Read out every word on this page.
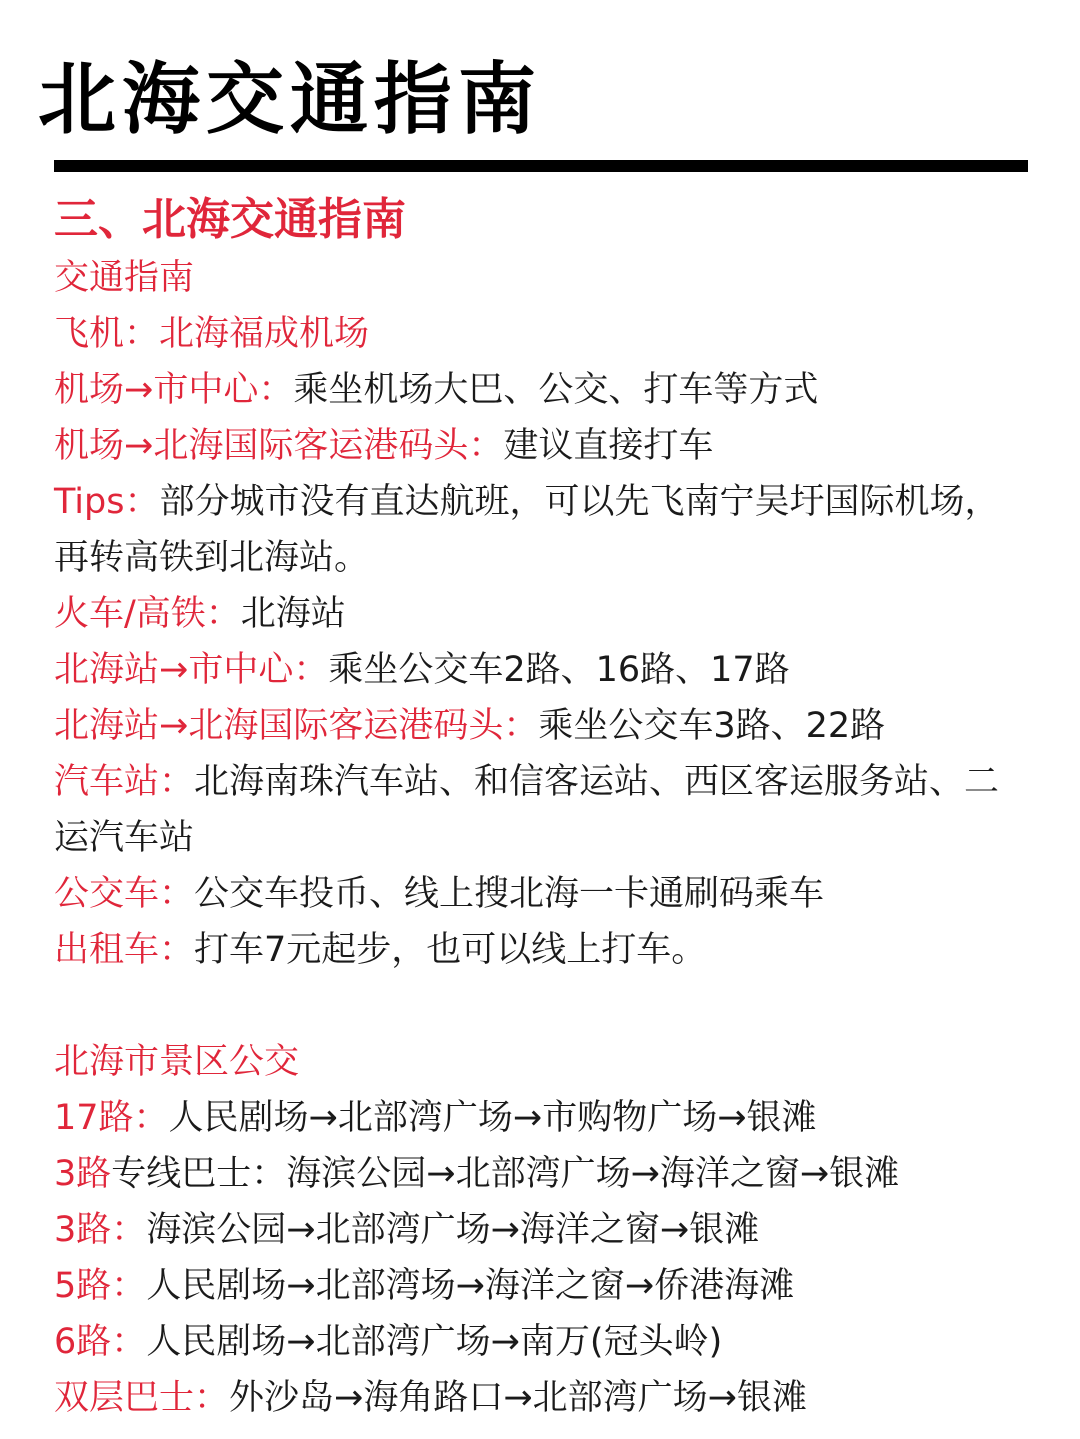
北海交通指南
三、北海交通指南
交通指南
飞机：北海福成机场
机场→市中心：乘坐机场大巴、公交、打车等方式
机场→北海国际客运港码头：建议直接打车
Tips：部分城市没有直达航班，可以先飞南宁吴圩国际机场，再转高铁到北海站。
火车/高铁：北海站
北海站→市中心：乘坐公交车2路、16路、17路
北海站→北海国际客运港码头：乘坐公交车3路、22路
汽车站：北海南珠汽车站、和信客运站、西区客运服务站、二运汽车站
公交车：公交车投币、线上搜北海一卡通刷码乘车
出租车：打车7元起步，也可以线上打车。
北海市景区公交
17路：人民剧场→北部湾广场→市购物广场→银滩
3路专线巴士：海滨公园→北部湾广场→海洋之窗→银滩
3路：海滨公园→北部湾广场→海洋之窗→银滩
5路：人民剧场→北部湾场→海洋之窗→侨港海滩
6路：人民剧场→北部湾广场→南万(冠头岭)
双层巴士：外沙岛→海角路口→北部湾广场→银滩
